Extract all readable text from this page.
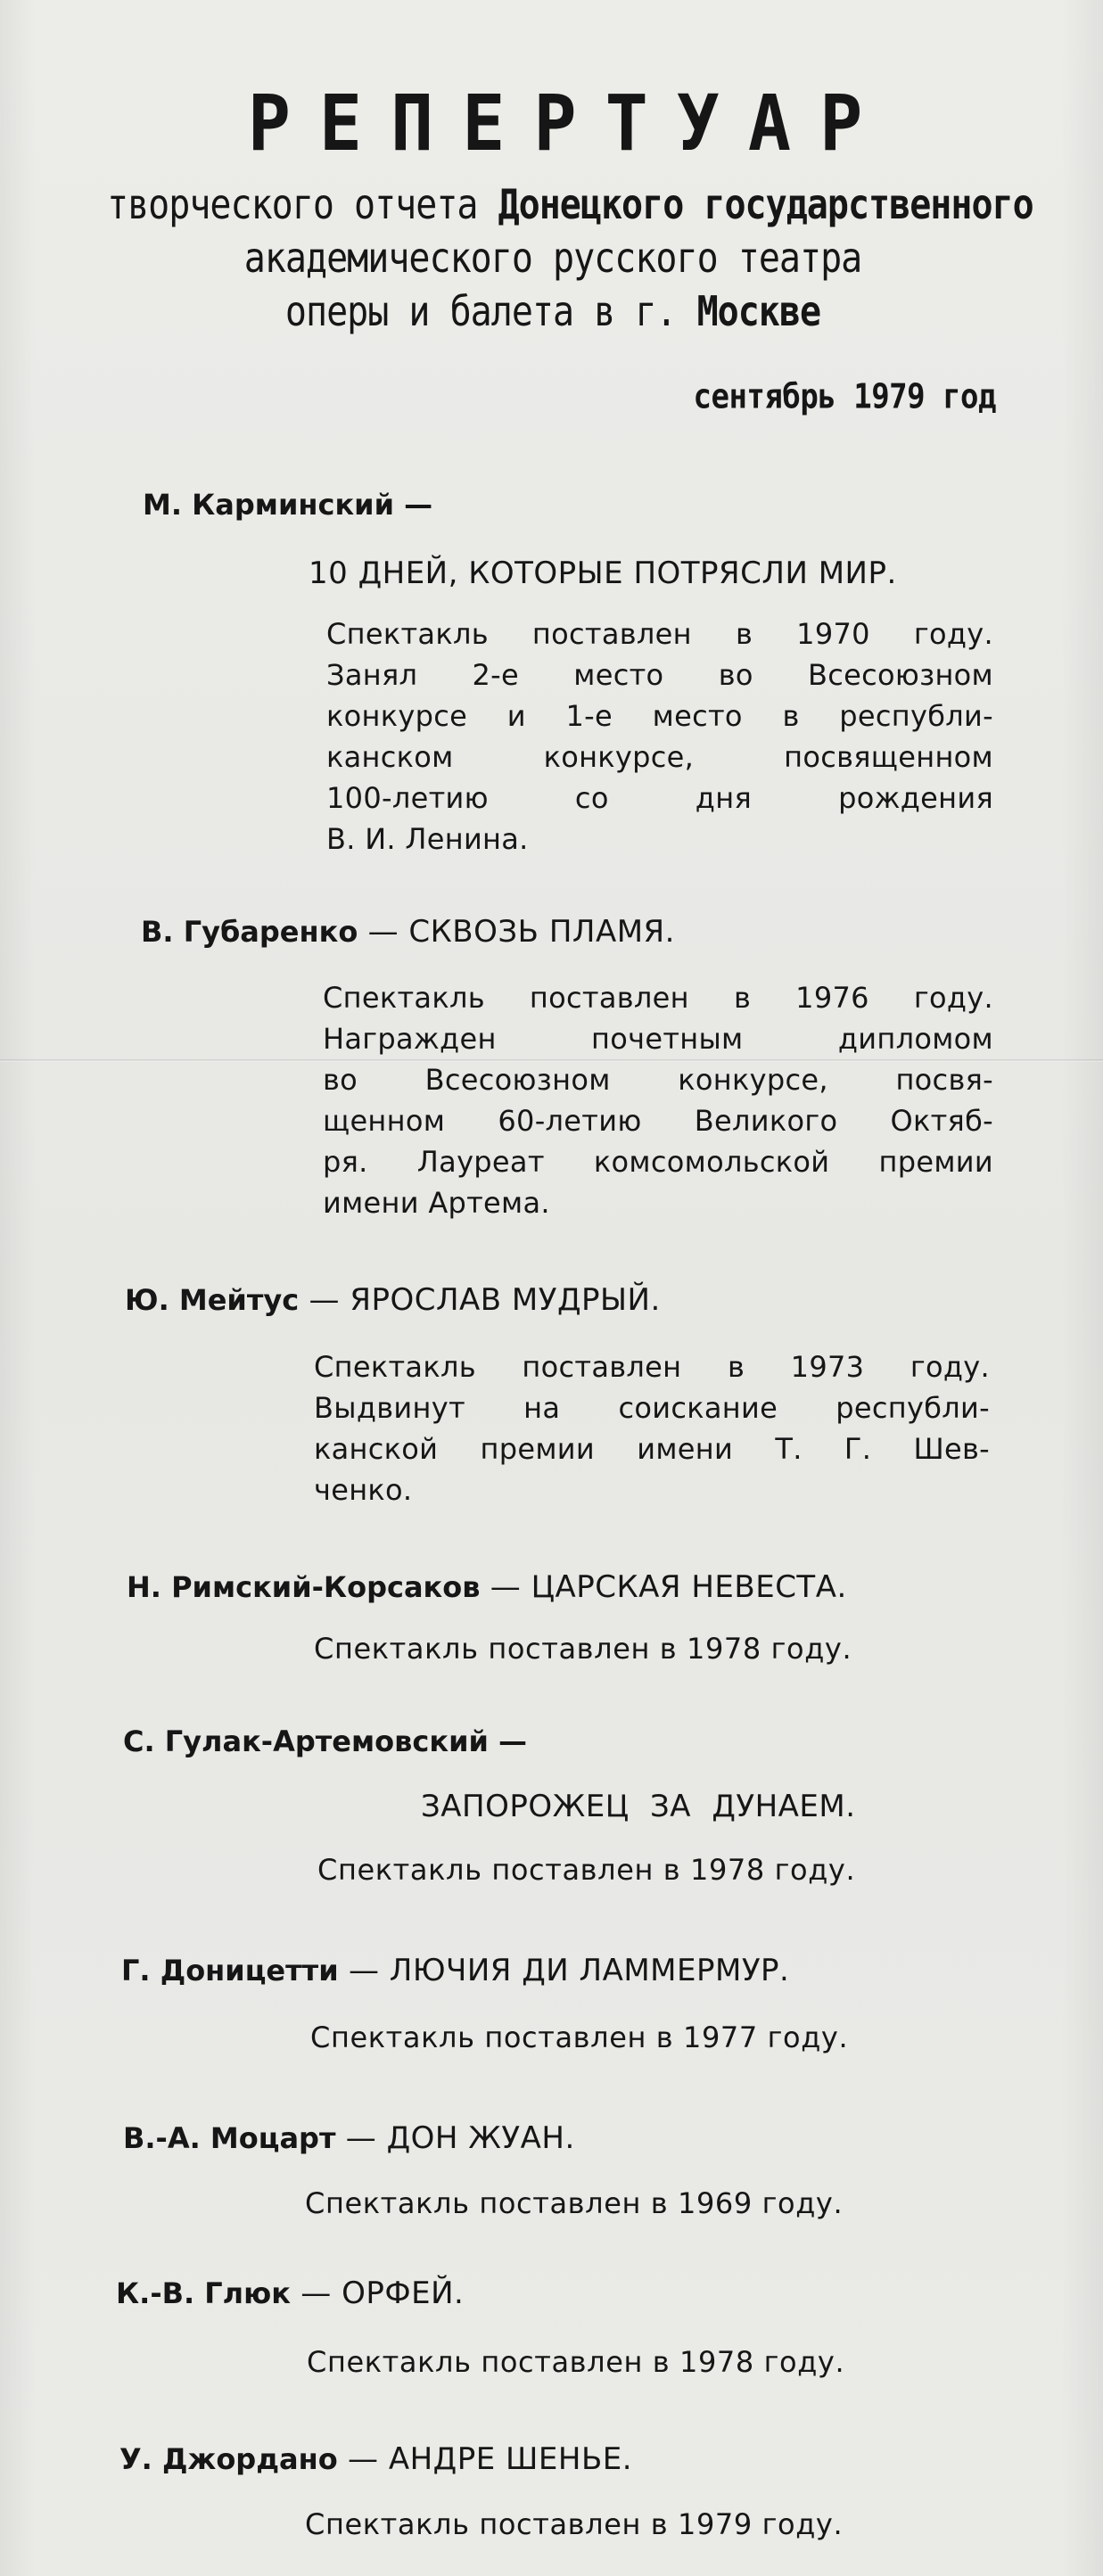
РЕПЕРТУАР
творческого отчета Донецкого государственного
академического русского театра
оперы и балета в г. Москве
сентябрь 1979 год
М. Карминский —
10 ДНЕЙ, КОТОРЫЕ ПОТРЯСЛИ МИР.
Спектакль поставлен в 1970 году.
Занял 2-е место во Всесоюзном
конкурсе и 1-е место в республи-
канском конкурсе, посвященном
100-летию со дня рождения
В. И. Ленина.
В. Губаренко — СКВОЗЬ ПЛАМЯ.
Спектакль поставлен в 1976 году.
Награжден почетным дипломом
во Всесоюзном конкурсе, посвя-
щенном 60-летию Великого Октяб-
ря. Лауреат комсомольской премии
имени Артема.
Ю. Мейтус — ЯРОСЛАВ МУДРЫЙ.
Спектакль поставлен в 1973 году.
Выдвинут на соискание республи-
канской премии имени Т. Г. Шев-
ченко.
Н. Римский-Корсаков — ЦАРСКАЯ НЕВЕСТА.
Спектакль поставлен в 1978 году.
С. Гулак-Артемовский —
ЗАПОРОЖЕЦ ЗА ДУНАЕМ.
Спектакль поставлен в 1978 году.
Г. Доницетти — ЛЮЧИЯ ДИ ЛАММЕРМУР.
Спектакль поставлен в 1977 году.
В.-А. Моцарт — ДОН ЖУАН.
Спектакль поставлен в 1969 году.
К.-В. Глюк — ОРФЕЙ.
Спектакль поставлен в 1978 году.
У. Джордано — АНДРЕ ШЕНЬЕ.
Спектакль поставлен в 1979 году.
